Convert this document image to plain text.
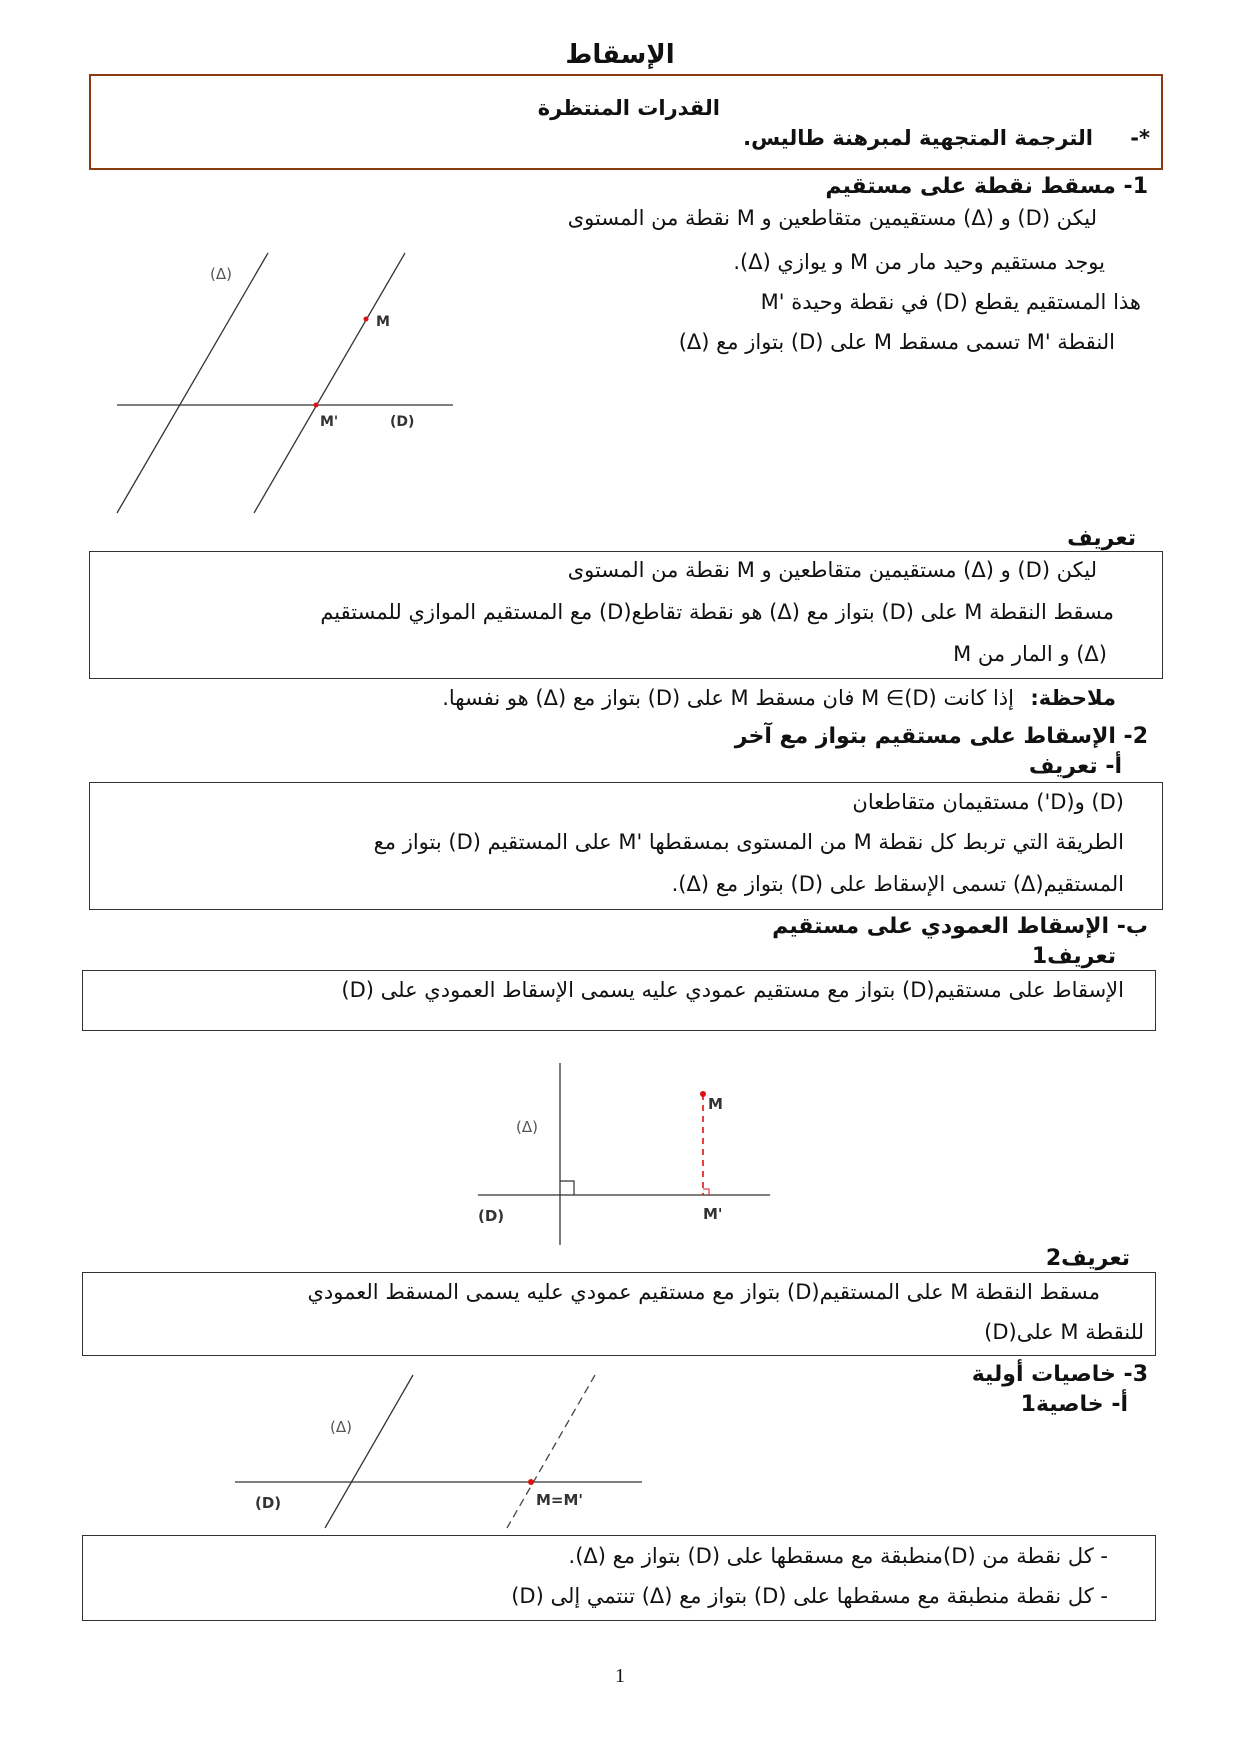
الإسقاط
القدرات المنتظرة
*-
الترجمة المتجهية لمبرهنة طاليس.
1- مسقط نقطة على مستقيم
ليكن (D) و (Δ) مستقيمين متقاطعين و M نقطة من المستوى
يوجد مستقيم وحيد مار من M و يوازي (Δ).
هذا المستقيم يقطع (D) في نقطة وحيدة 'M
النقطة 'M تسمى مسقط M على (D) بتواز مع (Δ)
(Δ)
M
M'	(D)
تعريف
ليكن (D) و (Δ) مستقيمين متقاطعين و M نقطة من المستوى
مسقط النقطة M على (D) بتواز مع (Δ) هو نقطة تقاطع(D) مع المستقيم الموازي للمستقيم
(Δ) و المار من M
ملاحظة:
إذا كانت M ∈(D) فان مسقط M على (D) بتواز مع (Δ) هو نفسها.
2- الإسقاط على مستقيم بتواز مع آخر
أ- تعريف
(D) و(D') مستقيمان متقاطعان
الطريقة التي تربط كل نقطة M من المستوى بمسقطها 'M على المستقيم (D) بتواز مع
المستقيم(Δ) تسمى الإسقاط على (D) بتواز مع (Δ).
ب- الإسقاط العمودي على مستقيم
تعريف1
الإسقاط على مستقيم(D) بتواز مع مستقيم عمودي عليه يسمى الإسقاط العمودي على (D)
(Δ)
M
M'
(D)
تعريف2
مسقط النقطة M على المستقيم(D) بتواز مع مستقيم عمودي عليه يسمى المسقط العمودي
للنقطة M على(D)
3- خاصيات أولية
أ- خاصية1
(Δ)
(D)	M=M'
- كل نقطة من (D)منطبقة مع مسقطها على (D) بتواز مع (Δ).
- كل نقطة منطبقة مع مسقطها على (D) بتواز مع (Δ) تنتمي إلى (D)
1
